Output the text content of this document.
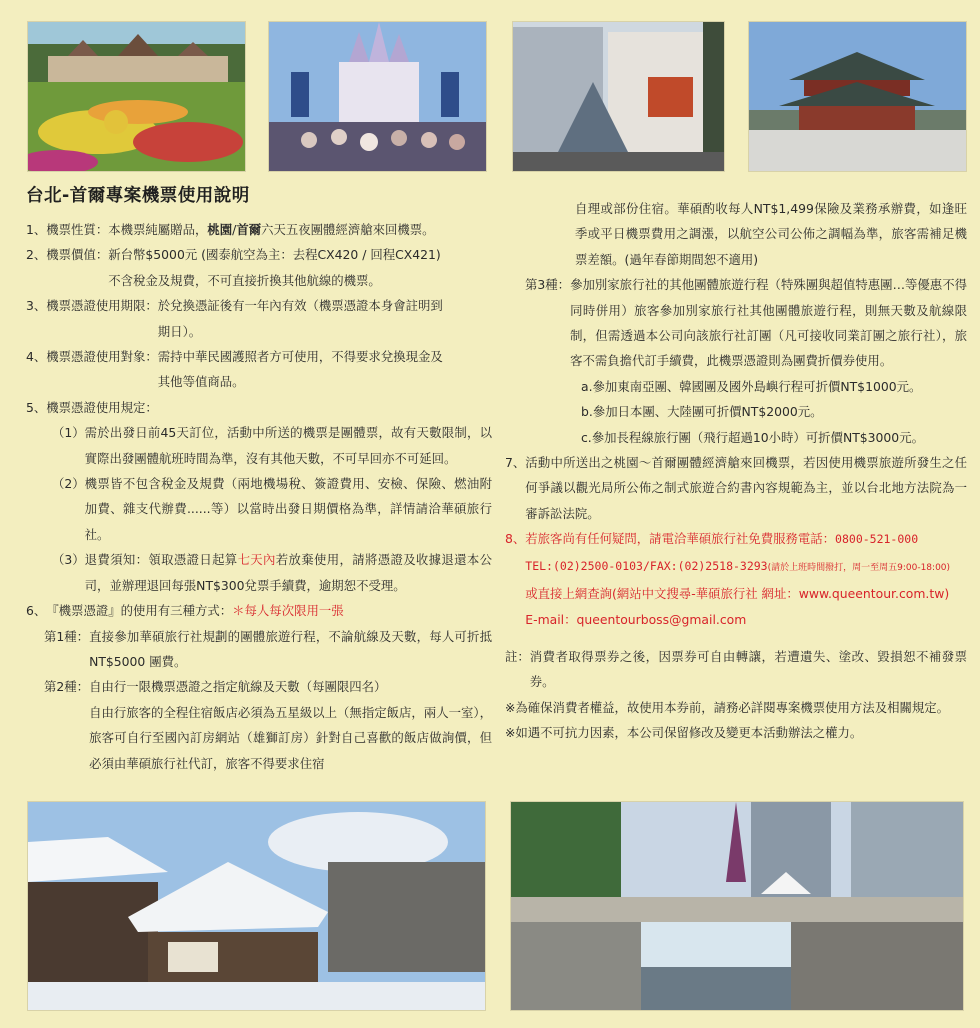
台北-首爾專案機票使用說明

1、 機票性質：本機票純屬贈品，桃園/首爾六天五夜團體經濟艙來回機票。

2、 機票價值： 新台幣$5000元 (國泰航空為主：去程CX420 / 回程CX421)
不含稅金及規費，不可直接折換其他航線的機票。

3、 機票憑證使用期限： 於兌換憑証後有一年內有效（機票憑證本身會註明到
期日）。

4、 機票憑證使用對象： 需持中華民國護照者方可使用，不得要求兌換現金及
其他等值商品。

5、 機票憑證使用規定：

（1） 需於出發日前45天訂位，活動中所送的機票是團體票，故有天數限制，以實際出發團體航班時間為準，沒有其他天數，不可早回亦不可延回。

（2） 機票皆不包含稅金及規費（兩地機場稅、簽證費用、安檢、保險、燃油附加費、雜支代辦費......等）以當時出發日期價格為準，詳情請洽華碩旅行社。

（3） 退費須知：領取憑證日起算七天內若放棄使用，請將憑證及收據退還本公司，並辦理退回每張NT$300兌票手續費，逾期恕不受理。

6、 『機票憑證』的使用有三種方式：＊每人每次限用一張

第1種： 直接參加華碩旅行社規劃的團體旅遊行程，不論航線及天數，每人可折抵NT$5000 團費。

第2種： 自由行一限機票憑證之指定航線及天數（每團限四名）
自由行旅客的全程住宿飯店必須為五星級以上（無指定飯店，兩人一室），旅客可自行至國內訂房網站（雄獅訂房）針對自己喜歡的飯店做詢價，但必須由華碩旅行社代訂，旅客不得要求住宿

自理或部份住宿。華碩酌收每人NT$1,499保險及業務承辦費，如逢旺季或平日機票費用之調漲，以航空公司公佈之調幅為準，旅客需補足機票差額。(過年春節期間恕不適用)

第3種： 參加別家旅行社的其他團體旅遊行程（特殊團與超值特惠團…等優惠不得同時併用）旅客參加別家旅行社其他團體旅遊行程，則無天數及航線限制，但需透過本公司向該旅行社訂團（凡可接收同業訂團之旅行社），旅客不需負擔代訂手續費，此機票憑證則為團費折價券使用。

a.參加東南亞團、韓國團及國外島嶼行程可折價NT$1000元。

b.參加日本團、大陸團可折價NT$2000元。

c.參加長程線旅行團（飛行超過10小時）可折價NT$3000元。

7、 活動中所送出之桃園～首爾團體經濟艙來回機票，若因使用機票旅遊所發生之任何爭議以觀光局所公佈之制式旅遊合約書內容規範為主，並以台北地方法院為一審訴訟法院。

8、 若旅客尚有任何疑問，請電洽華碩旅行社免費服務電話：0800-521-000
TEL:(02)2500-0103/FAX:(02)2518-3293(請於上班時間撥打，周一至周五9:00-18:00)
或直接上網查詢(網站中文搜尋-華碩旅行社 網址：www.queentour.com.tw)
E-mail：queentourboss@gmail.com

註： 消費者取得票券之後，因票券可自由轉讓，若遭遺失、塗改、毀損恕不補發票券。

※ 為確保消費者權益，故使用本券前，請務必詳閱專案機票使用方法及相關規定。

※ 如遇不可抗力因素，本公司保留修改及變更本活動辦法之權力。
